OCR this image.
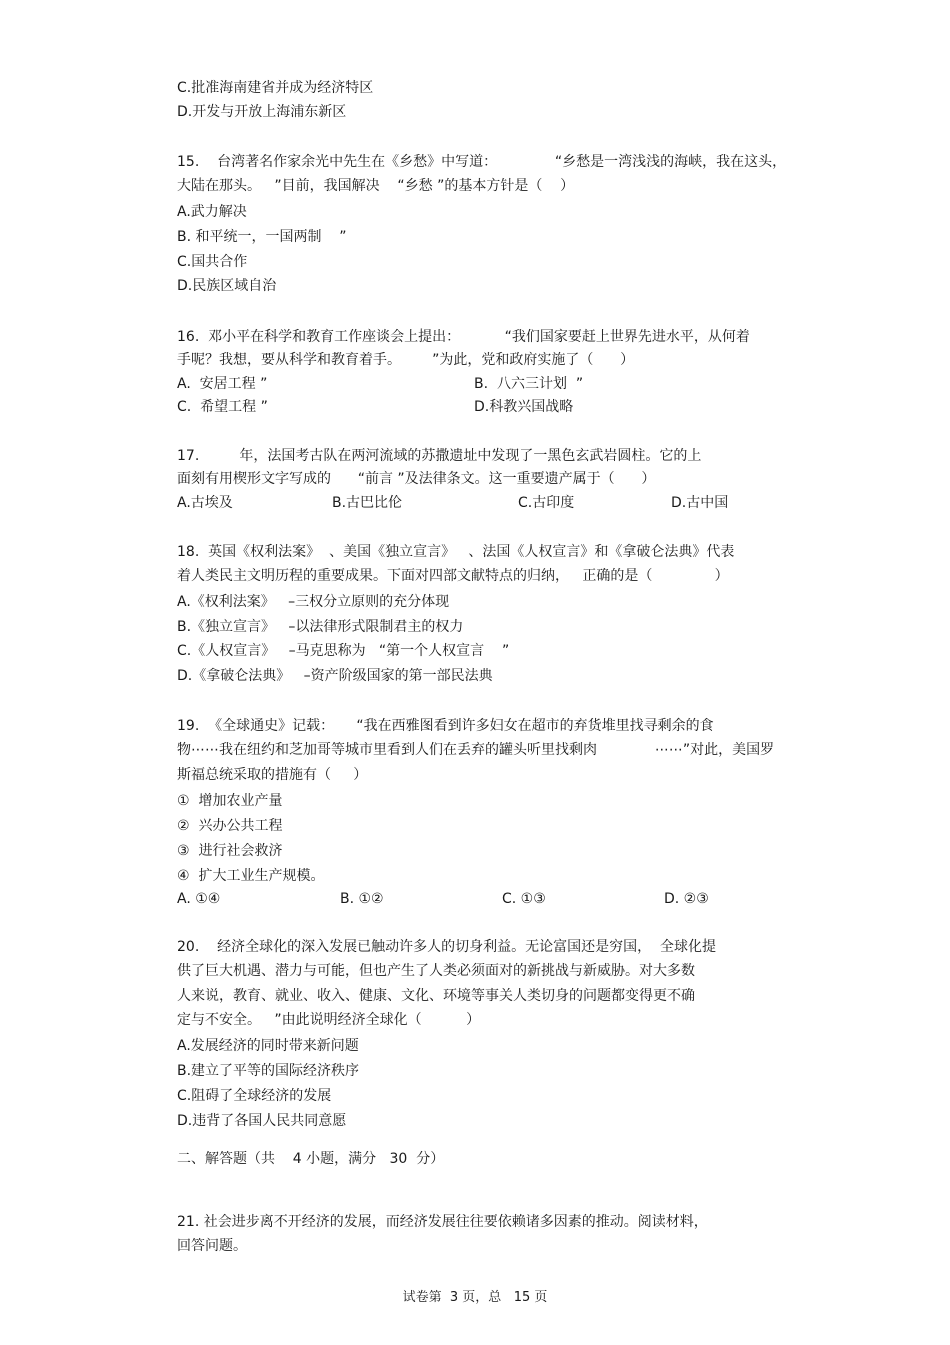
C.批准海南建省并成为经济特区
D.开发与开放上海浦东新区
15.    台湾著名作家余光中先生在《乡愁》中写道：             “乡愁是一湾浅浅的海峡，我在这头，
大陆在那头。   ”目前，我国解决    “乡愁 ”的基本方针是（    ）
A.武力解决
B. 和平统一，一国两制    ”
C.国共合作
D.民族区域自治
16.  邓小平在科学和教育工作座谈会上提出：          “我们国家要赶上世界先进水平，从何着
手呢？我想，要从科学和教育着手。       ”为此，党和政府实施了（      ）
A.  安居工程 ”	B.  八六三计划  ”
C.  希望工程 ”	D.科教兴国战略
17.         年，法国考古队在两河流域的苏撒遗址中发现了一黑色玄武岩圆柱。它的上
面刻有用楔形文字写成的      “前言 ”及法律条文。这一重要遗产属于（      ）
A.古埃及	B.古巴比伦	C.古印度	D.古中国
18.  英国《权利法案》  、美国《独立宣言》   、法国《人权宣言》和《拿破仑法典》代表
着人类民主文明历程的重要成果。下面对四部文献特点的归纳，   正确的是（              ）
A.《权利法案》   –三权分立原则的充分体现
B.《独立宣言》   –以法律形式限制君主的权力
C.《人权宣言》   –马克思称为   “第一个人权宣言    ”
D.《拿破仑法典》   –资产阶级国家的第一部民法典
19.  《全球通史》记载：     “我在西雅图看到许多妇女在超市的弃货堆里找寻剩余的食
物⋯⋯我在纽约和芝加哥等城市里看到人们在丢弃的罐头听里找剩肉             ⋯⋯”对此，美国罗
斯福总统采取的措施有（     ）
①  增加农业产量
②  兴办公共工程
③  进行社会救济
④  扩大工业生产规模。
A. ①④	B. ①②	C. ①③	D. ②③
20.    经济全球化的深入发展已触动许多人的切身利益。无论富国还是穷国，  全球化提
供了巨大机遇、潜力与可能，但也产生了人类必须面对的新挑战与新威胁。对大多数
人来说，教育、就业、收入、健康、文化、环境等事关人类切身的问题都变得更不确
定与不安全。   ”由此说明经济全球化（          ）
A.发展经济的同时带来新问题
B.建立了平等的国际经济秩序
C.阻碍了全球经济的发展
D.违背了各国人民共同意愿
二、解答题（共    4 小题，满分   30  分）
21. 社会进步离不开经济的发展，而经济发展往往要依赖诸多因素的推动。阅读材料，
回答问题。
试卷第  3 页，总   15 页
